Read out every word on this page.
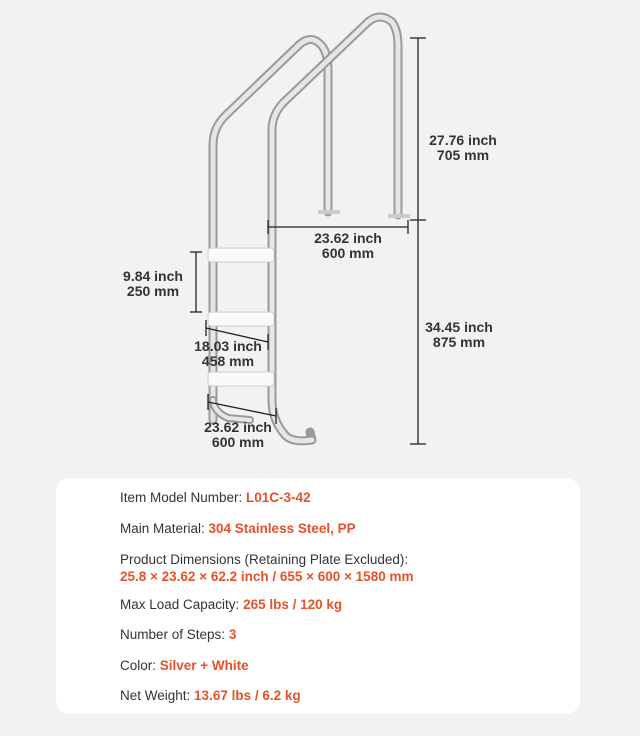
27.76 inch
705 mm
34.45 inch
875 mm
23.62 inch
600 mm
9.84 inch
250 mm
18.03 inch
458 mm
23.62 inch
600 mm
Item Model Number: L01C-3-42
Main Material: 304 Stainless Steel, PP
Product Dimensions (Retaining Plate Excluded):
25.8 × 23.62 × 62.2 inch / 655 × 600 × 1580 mm
Max Load Capacity: 265 lbs / 120 kg
Number of Steps: 3
Color: Silver + White
Net Weight: 13.67 lbs / 6.2 kg
